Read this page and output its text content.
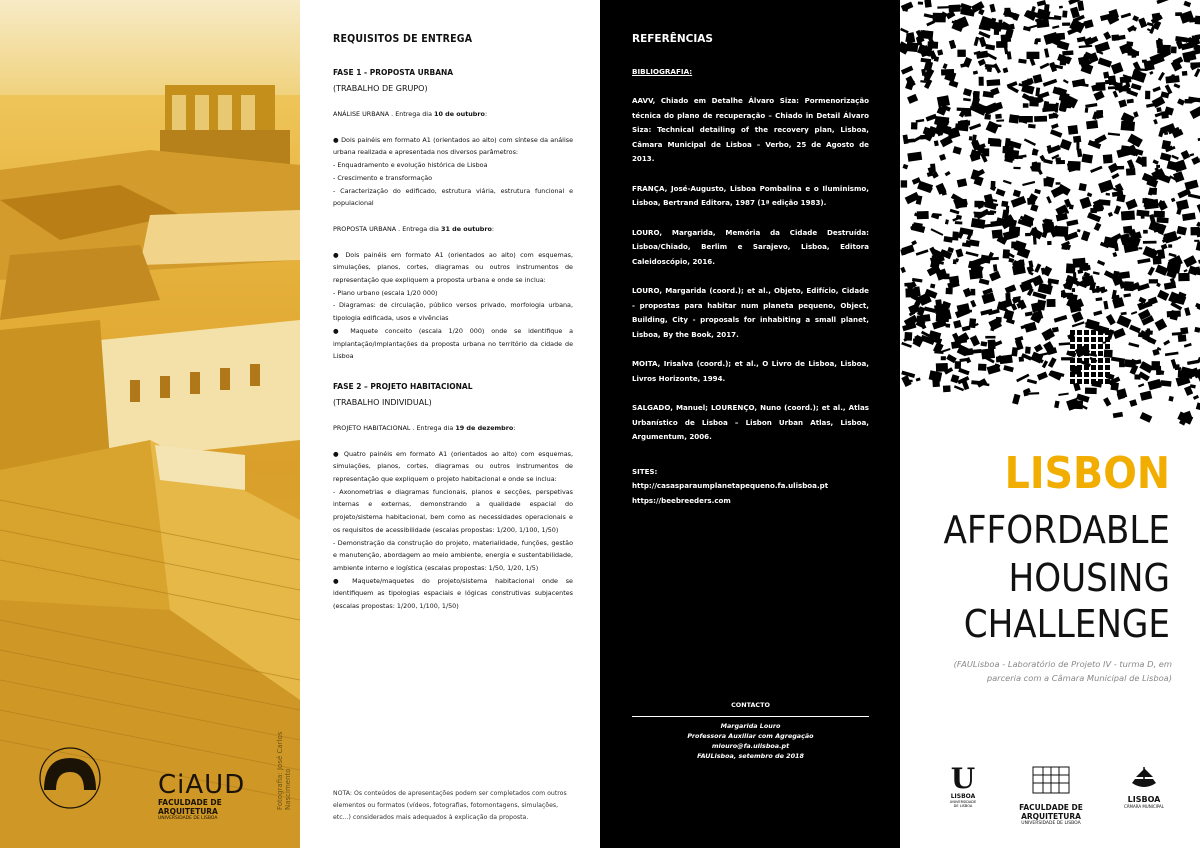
Fotografia: José Carlos Nascimento
CiAUD
FACULDADE DE ARQUITETURA
UNIVERSIDADE DE LISBOA
REQUISITOS DE ENTREGA
FASE 1 - PROPOSTA URBANA
(TRABALHO DE GRUPO)

ANÁLISE URBANA . Entrega dia 10 de outubro:

● Dois painéis em formato A1 (orientados ao alto) com síntese da análise urbana realizada e apresentada nos diversos parâmetros:

- Enquadramento e evolução histórica de Lisboa

- Crescimento e transformação

- Caracterização do edificado, estrutura viária, estrutura funcional e populacional

PROPOSTA URBANA . Entrega dia 31 de outubro:

● Dois painéis em formato A1 (orientados ao alto) com esquemas, simulações, planos, cortes, diagramas ou outros instrumentos de representação que expliquem a proposta urbana e onde se inclua:

- Plano urbano (escala 1/20 000)

- Diagramas: de circulação, público versos privado, morfologia urbana, tipologia edificada, usos e vivências

● Maquete conceito (escala 1/20 000) onde se identifique a implantação/implantações da proposta urbana no território da cidade de Lisboa

FASE 2 – PROJETO HABITACIONAL
(TRABALHO INDIVIDUAL)

PROJETO HABITACIONAL . Entrega dia 19 de dezembro:

● Quatro painéis em formato A1 (orientados ao alto) com esquemas, simulações, planos, cortes, diagramas ou outros instrumentos de representação que expliquem o projeto habitacional e onde se inclua:

- Axonometrias e diagramas funcionais, planos e secções, perspetivas internas e externas, demonstrando a qualidade espacial do projeto/sistema habitacional, bem como as necessidades operacionais e os requisitos de acessibilidade (escalas propostas: 1/200, 1/100, 1/50)

- Demonstração da construção do projeto, materialidade, funções, gestão e manutenção, abordagem ao meio ambiente, energia e sustentabilidade, ambiente interno e logística (escalas propostas: 1/50, 1/20, 1/5)

● Maquete/maquetes do projeto/sistema habitacional onde se identifiquem as tipologias espaciais e lógicas construtivas subjacentes (escalas propostas: 1/200, 1/100, 1/50)

NOTA: Os conteúdos de apresentações podem ser completados com outros elementos ou formatos (vídeos, fotografias, fotomontagens, simulações, etc...) considerados mais adequados à explicação da proposta.
REFERÊNCIAS
BIBLIOGRAFIA:

AAVV, Chiado em Detalhe Álvaro Siza: Pormenorização técnica do plano de recuperação – Chiado in Detail Álvaro Siza: Technical detailing of the recovery plan, Lisboa, Câmara Municipal de Lisboa – Verbo, 25 de Agosto de 2013.

FRANÇA, José-Augusto, Lisboa Pombalina e o Iluminismo, Lisboa, Bertrand Editora, 1987 (1ª edição 1983).

LOURO, Margarida, Memória da Cidade Destruída: Lisboa/Chiado, Berlim e Sarajevo, Lisboa, Editora Caleidoscópio, 2016.

LOURO, Margarida (coord.); et al., Objeto, Edifício, Cidade - propostas para habitar num planeta pequeno, Object, Building, City - proposals for inhabiting a small planet, Lisboa, By the Book, 2017.

MOITA, Irisalva (coord.); et al., O Livro de Lisboa, Lisboa, Livros Horizonte, 1994.

SALGADO, Manuel; LOURENÇO, Nuno (coord.); et al., Atlas Urbanístico de Lisboa – Lisbon Urban Atlas, Lisboa, Argumentum, 2006.

SITES:
http://casasparaumplanetapequeno.fa.ulisboa.pt
https://beebreeders.com
CONTACTO
Margarida Louro
Professora Auxiliar com Agregação
mlouro@fa.ulisboa.pt
FAULisboa, setembro de 2018
LISBON
AFFORDABLE
HOUSING
CHALLENGE
(FAULisboa - Laboratório de Projeto IV - turma D, em parceria com a Câmara Municipal de Lisboa)
U
LISBOA
UNIVERSIDADE DE LISBOA	FACULDADE DE ARQUITETURA
UNIVERSIDADE DE LISBOA
LISBOA
CÂMARA MUNICIPAL
